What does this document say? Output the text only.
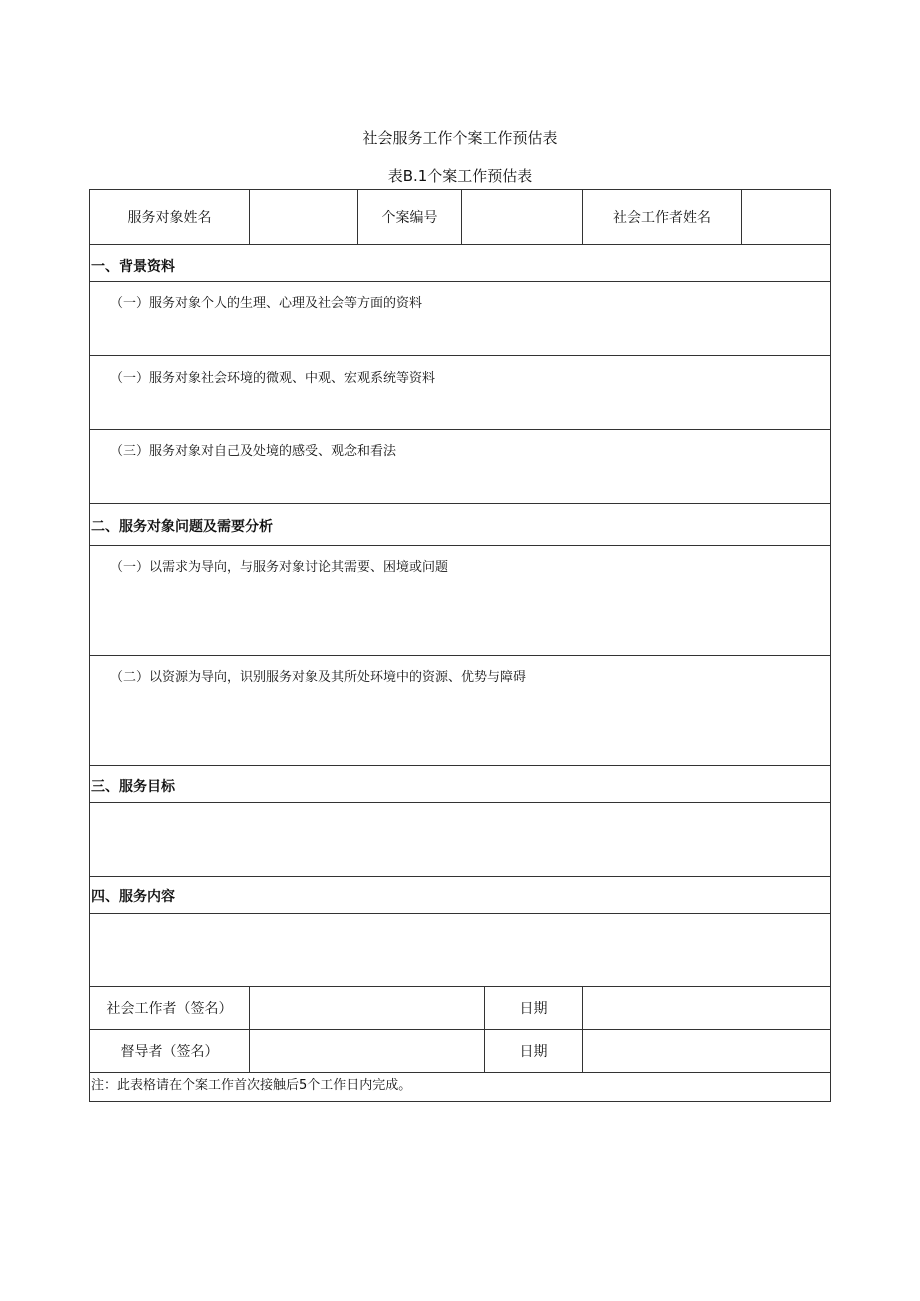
社会服务工作个案工作预估表
表B.1个案工作预估表
服务对象姓名	个案编号	社会工作者姓名
一、背景资料
（一）服务对象个人的生理、心理及社会等方面的资料
（一）服务对象社会环境的微观、中观、宏观系统等资料
（三）服务对象对自己及处境的感受、观念和看法
二、服务对象问题及需要分析
（一）以需求为导向，与服务对象讨论其需要、困境或问题
（二）以资源为导向，识别服务对象及其所处环境中的资源、优势与障碍
三、服务目标
四、服务内容
社会工作者（签名）	日期
督导者（签名）	日期
注：此表格请在个案工作首次接触后5个工作日内完成。
